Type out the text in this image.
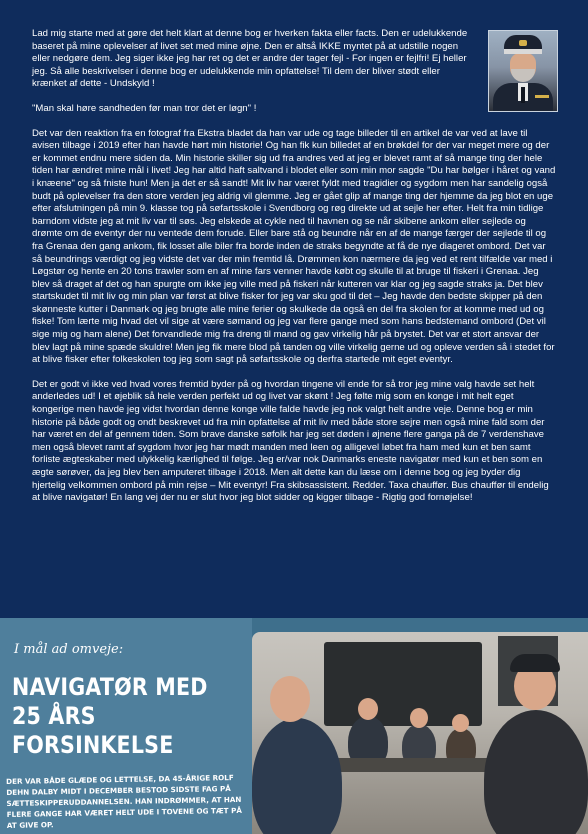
Lad mig starte med at gøre det helt klart at denne bog er hverken fakta eller facts. Den er udelukkende baseret på mine oplevelser af livet set med mine øjne. Den er altså IKKE myntet på at udstille nogen eller nedgøre dem. Jeg siger ikke jeg har ret og det er andre der tager fejl - For ingen er fejlfri! Ej heller jeg. Så alle beskrivelser i denne bog er udelukkende min opfattelse! Til dem der bliver stødt eller krænket af dette - Undskyld !

"Man skal høre sandheden før man tror det er løgn" !

Det var den reaktion fra en fotograf fra Ekstra bladet da han var ude og tage billeder til en artikel de var ved at lave til avisen tilbage i 2019 efter han havde hørt min historie! Og han fik kun billedet af en brøkdel for der var meget mere og der er kommet endnu mere siden da. Min historie skiller sig ud fra andres ved at jeg er blevet ramt af så mange ting der hele tiden har ændret mine mål i livet! Jeg har altid haft saltvand i blodet eller som min mor sagde "Du har bølger i håret og vand i knæene" og så fniste hun! Men ja det er så sandt! Mit liv har været fyldt med tragidier og sygdom men har sandelig også budt på oplevelser fra den store verden jeg aldrig vil glemme. Jeg er gået glip af mange ting der hjemme da jeg blot en uge efter afslutningen på min 9. klasse tog på søfartsskole i Svendborg og røg direkte ud at sejle her efter. Helt fra min tidlige barndom vidste jeg at mit liv var til søs. Jeg elskede at cykle ned til havnen og se når skibene ankom eller sejlede og drømte om de eventyr der nu ventede dem forude. Eller bare stå og beundre når en af de mange færger der sejlede til og fra Grenaa den gang ankom, fik losset alle biler fra borde inden de straks begyndte at få de nye diageret ombord. Det var så beundrings værdigt og jeg vidste det var der min fremtid lå. Drømmen kon nærmere da jeg ved et rent tilfælde var med i Løgstør og hente en 20 tons trawler som en af mine fars venner havde købt og skulle til at bruge til fiskeri i Grenaa. Jeg blev så draget af det og han spurgte om ikke jeg ville med på fiskeri når kutteren var klar og jeg sagde straks ja. Det blev startskudet til mit liv og min plan var først at blive fisker for jeg var sku god til det – Jeg havde den bedste skipper på den skønneste kutter i Danmark og jeg brugte alle mine ferier og skulkede da også en del fra skolen for at komme med ud og fiske! Tom lærte mig hvad det vil sige at være sømand og jeg var flere gange med som hans bedstemand ombord (Det vil sige mig og ham alene) Det forvandlede mig fra dreng til mand og gav virkelig hår på brystet. Det var et stort ansvar der blev lagt på mine spæde skuldre! Men jeg fik mere blod på tanden og ville virkelig gerne ud og opleve verden så i stedet for at blive fisker efter folkeskolen tog jeg som sagt på søfartsskole og derfra startede mit eget eventyr.

Det er godt vi ikke ved hvad vores fremtid byder på og hvordan tingene vil ende for så tror jeg mine valg havde set helt anderledes ud! I et øjeblik så hele verden perfekt ud og livet var skønt ! Jeg følte mig som en konge i mit helt eget kongerige men havde jeg vidst hvordan denne konge ville falde havde jeg nok valgt helt andre veje. Denne bog er min historie på både godt og ondt beskrevet ud fra min opfattelse af mit liv med både store sejre men også mine fald som der har været en del af gennem tiden. Som brave danske søfolk har jeg set døden i øjnene flere ganga på de 7 verdenshave men også blevet ramt af sygdom hvor jeg har mødt manden med leen og alligevel løbet fra ham med kun et ben samt forliste ægteskaber med ulykkelig kærlighed til følge. Jeg er/var nok Danmarks eneste navigatør med kun et ben som en ægte sørøver, da jeg blev ben amputeret tilbage i 2018. Men alt dette kan du læse om i denne bog og jeg byder dig hjertelig velkommen ombord på min rejse – Mit eventyr! Fra skibsassistent. Redder. Taxa chauffør. Bus chauffør til endelig at blive navigatør! En lang vej der nu er slut hvor jeg blot sidder og kigger tilbage - Rigtig god fornøjelse!

I mål ad omveje:
NAVIGATØR MED
25 ÅRS FORSINKELSE
DER VAR BÅDE GLÆDE OG LETTELSE, DA 45-ÅRIGE ROLF DEHN DALBY MIDT I DECEMBER BESTOD SIDSTE FAG PÅ SÆTTESKIPPERUDDANNELSEN. HAN INDRØMMER, AT HAN FLERE GANGE HAR VÆRET HELT UDE I TOVENE OG TÆT PÅ AT GIVE OP.
